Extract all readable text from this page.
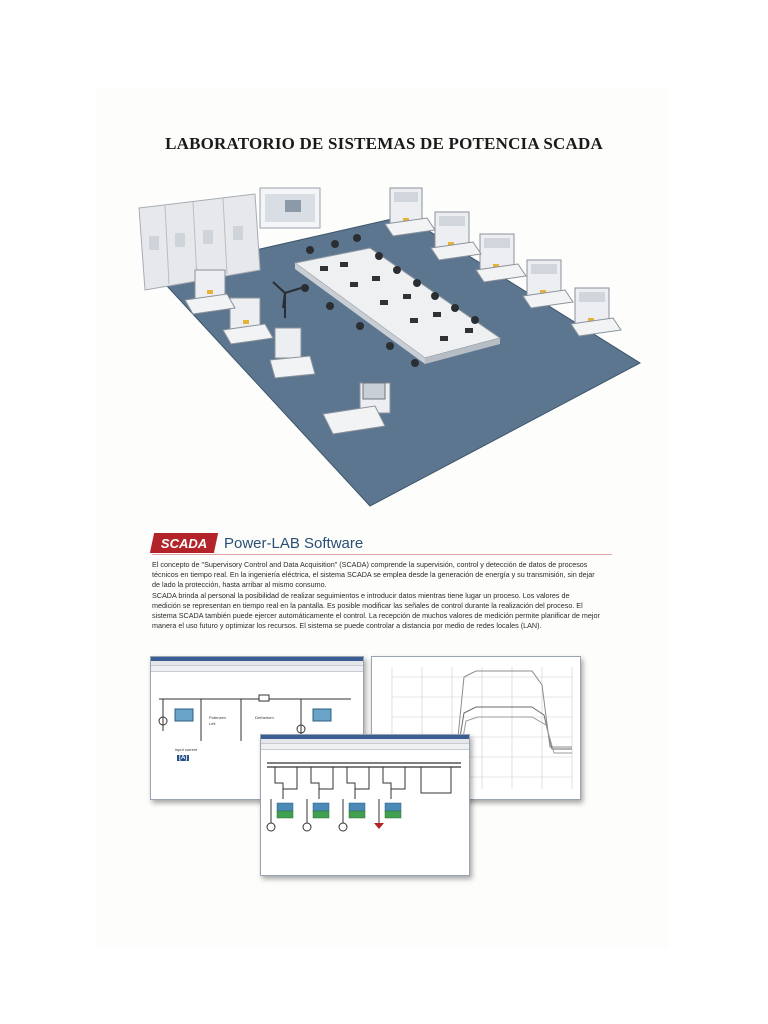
LABORATORIO DE SISTEMAS DE POTENCIA SCADA
SCADA Power-LAB Software
El concepto de "Supervisory Control and Data Acquisition" (SCADA) comprende la supervisión, control y detección de datos de procesos técnicos en tiempo real. En la ingeniería eléctrica, el sistema SCADA se emplea desde la generación de energía y su transmisión, sin dejar de lado la protección, hasta arribar al mismo consumo.
SCADA brinda al personal la posibilidad de realizar seguimientos e introducir datos mientras tiene lugar un proceso. Los valores de medición se representan en tiempo real en la pantalla. Es posible modificar las señales de control durante la realización del proceso. El sistema SCADA también puede ejercer automáticamente el control. La recepción de muchos valores de medición permite planificar de mejor manera el uso futuro y optimizar los recursos. El sistema se puede controlar a distancia por medio de redes locales (LAN).
Potenzen
Leit
Drehstrom
input current
[A]
